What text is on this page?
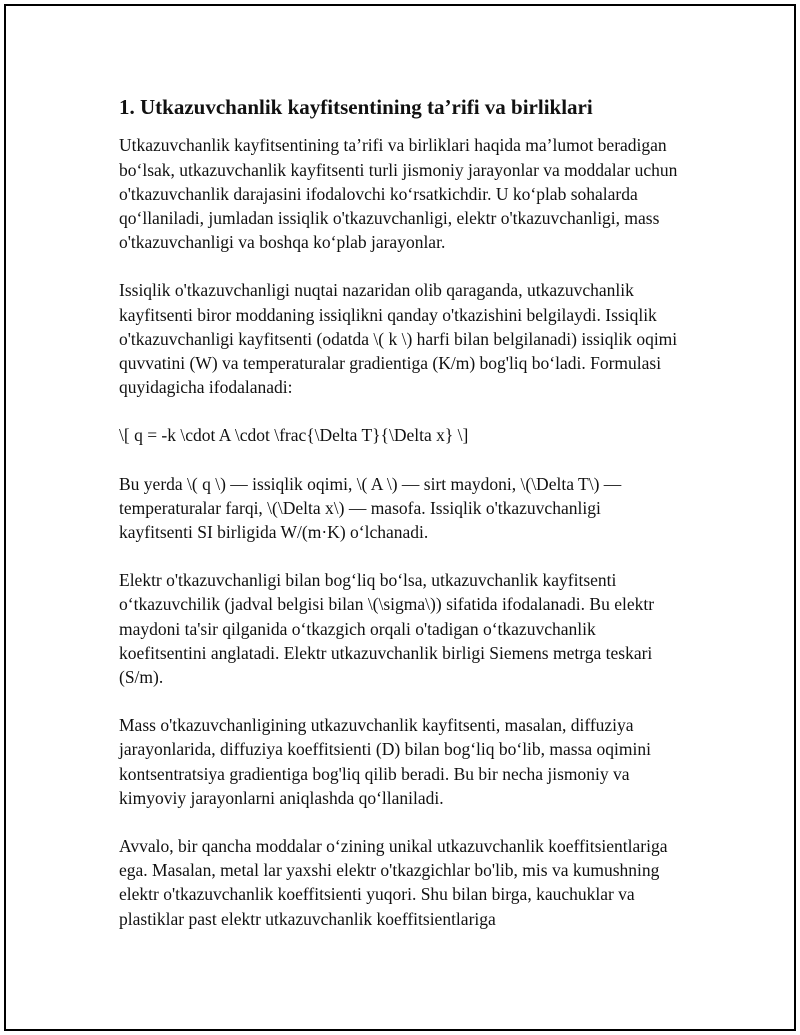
1. Utkazuvchanlik kayfitsentining ta’rifi va birliklari

Utkazuvchanlik kayfitsentining ta’rifi va birliklari haqida ma’lumot beradigan bo‘lsak, utkazuvchanlik kayfitsenti turli jismoniy jarayonlar va moddalar uchun o'tkazuvchanlik darajasini ifodalovchi ko‘rsatkichdir. U ko‘plab sohalarda qo‘llaniladi, jumladan issiqlik o'tkazuvchanligi, elektr o'tkazuvchanligi, mass o'tkazuvchanligi va boshqa ko‘plab jarayonlar.

Issiqlik o'tkazuvchanligi nuqtai nazaridan olib qaraganda, utkazuvchanlik kayfitsenti biror moddaning issiqlikni qanday o'tkazishini belgilaydi. Issiqlik o'tkazuvchanligi kayfitsenti (odatda \( k \) harfi bilan belgilanadi) issiqlik oqimi quvvatini (W) va temperaturalar gradientiga (K/m) bog'liq bo‘ladi. Formulasi quyidagicha ifodalanadi:

\[ q = -k \cdot A \cdot \frac{\Delta T}{\Delta x} \]

Bu yerda \( q \) — issiqlik oqimi, \( A \) — sirt maydoni, \(\Delta T\) — temperaturalar farqi, \(\Delta x\) — masofa. Issiqlik o'tkazuvchanligi kayfitsenti SI birligida W/(m·K) o‘lchanadi.

Elektr o'tkazuvchanligi bilan bog‘liq bo‘lsa, utkazuvchanlik kayfitsenti o‘tkazuvchilik (jadval belgisi bilan \(\sigma\)) sifatida ifodalanadi. Bu elektr maydoni ta'sir qilganida o‘tkazgich orqali o'tadigan o‘tkazuvchanlik koefitsentini anglatadi. Elektr utkazuvchanlik birligi Siemens metrga teskari (S/m).

Mass o'tkazuvchanligining utkazuvchanlik kayfitsenti, masalan, diffuziya jarayonlarida, diffuziya koeffitsienti (D) bilan bog‘liq bo‘lib, massa oqimini kontsentratsiya gradientiga bog'liq qilib beradi. Bu bir necha jismoniy va kimyoviy jarayonlarni aniqlashda qo‘llaniladi.

Avvalo, bir qancha moddalar o‘zining unikal utkazuvchanlik koeffitsientlariga ega. Masalan, metal lar yaxshi elektr o'tkazgichlar bo'lib, mis va kumushning elektr o'tkazuvchanlik koeffitsienti yuqori. Shu bilan birga, kauchuklar va plastiklar past elektr utkazuvchanlik koeffitsientlariga
